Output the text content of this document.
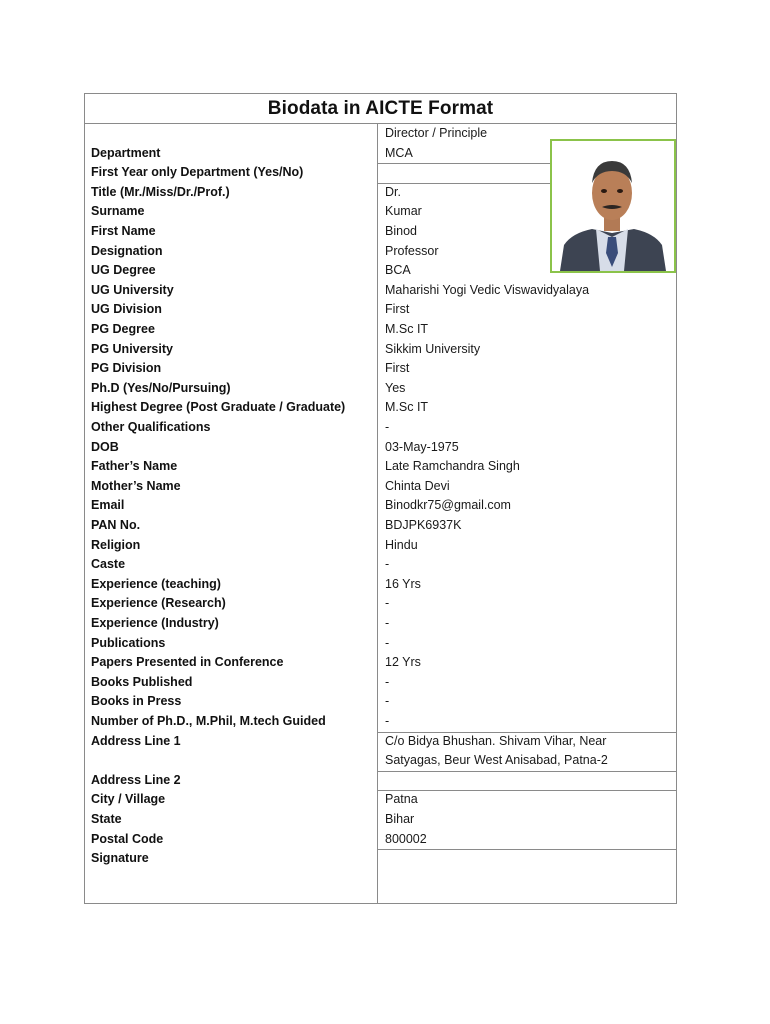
Biodata in AICTE Format
Director / Principle
Department	MCA
First Year only Department (Yes/No)
Title (Mr./Miss/Dr./Prof.)	Dr.
Surname	Kumar
First Name	Binod
Designation	Professor
UG Degree	BCA
UG University	Maharishi Yogi Vedic Viswavidyalaya
UG Division	First
PG Degree	M.Sc IT
PG University	Sikkim University
PG Division	First
Ph.D (Yes/No/Pursuing)	Yes
Highest Degree (Post Graduate / Graduate)	M.Sc IT
Other Qualifications	-
DOB	03-May-1975
Father’s Name	Late Ramchandra Singh
Mother’s Name	Chinta Devi
Email	Binodkr75@gmail.com
PAN No.	BDJPK6937K
Religion	Hindu
Caste	-
Experience (teaching)	16 Yrs
Experience (Research)	-
Experience (Industry)	-
Publications	-
Papers Presented in Conference	12 Yrs
Books Published	-
Books in Press	-
Number of Ph.D., M.Phil, M.tech Guided	-
Address Line 1	C/o Bidya Bhushan. Shivam Vihar, Near
Satyagas, Beur West Anisabad, Patna-2
Address Line 2
City / Village	Patna
State	Bihar
Postal Code	800002
Signature
